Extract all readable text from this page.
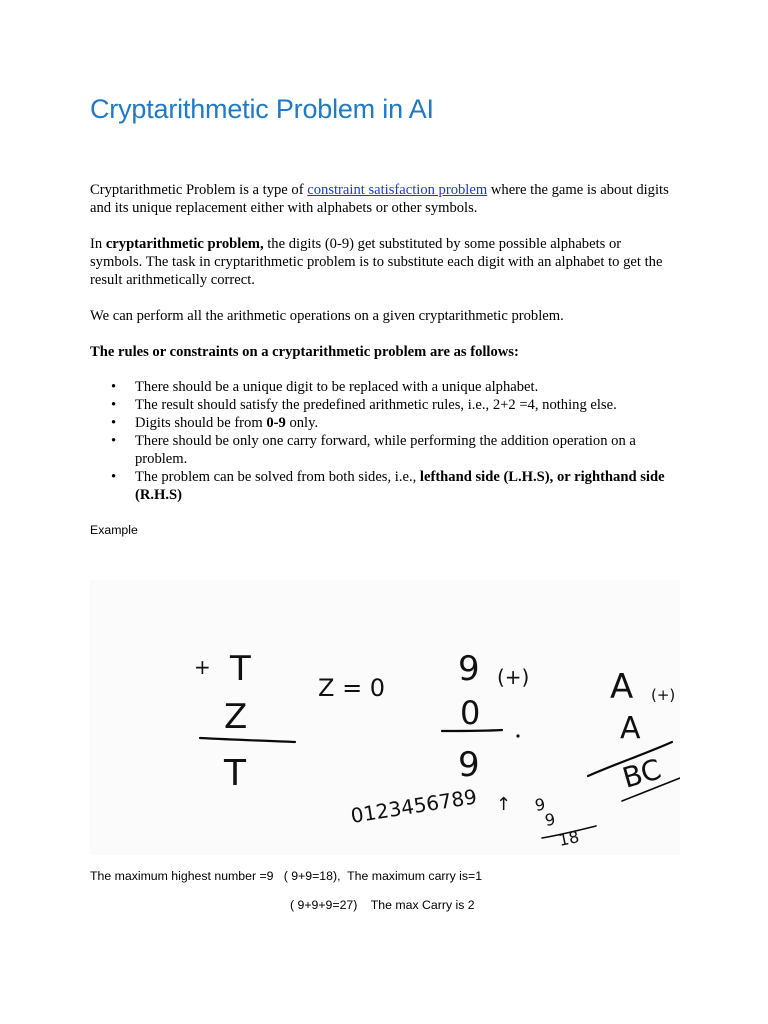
Cryptarithmetic Problem in AI

Cryptarithmetic Problem is a type of constraint satisfaction problem where the game is about digits and its unique replacement either with alphabets or other symbols.

In cryptarithmetic problem, the digits (0-9) get substituted by some possible alphabets or symbols. The task in cryptarithmetic problem is to substitute each digit with an alphabet to get the result arithmetically correct.

We can perform all the arithmetic operations on a given cryptarithmetic problem.

The rules or constraints on a cryptarithmetic problem are as follows:

• There should be a unique digit to be replaced with a unique alphabet.
• The result should satisfy the predefined arithmetic rules, i.e., 2+2 =4, nothing else.
• Digits should be from 0-9 only.
• There should be only one carry forward, while performing the addition operation on a problem.
• The problem can be solved from both sides, i.e., lefthand side (L.H.S), or righthand side (R.H.S)

Example

+ T
Z
T
Z = 0 9 (+)
0
9
0123456789 ↑
A (+)
A
BC
9
9
18

The maximum highest number =9   ( 9+9=18),  The maximum carry is=1

( 9+9+9=27)    The max Carry is 2
